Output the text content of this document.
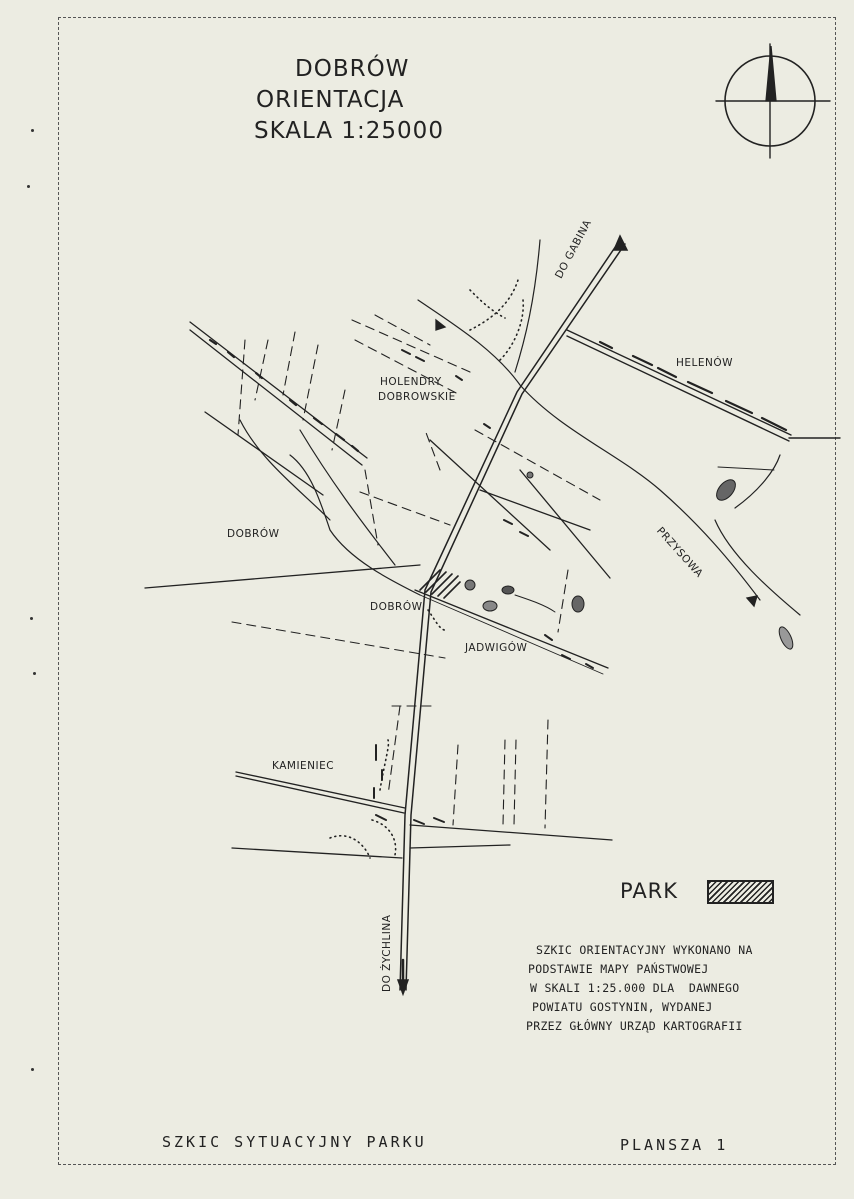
DOBRÓW
ORIENTACJA
SKALA 1:25000
DO GABINA
HELENÓW
HOLENDRY
DOBROWSKIE
DOBRÓW
DOBRÓW
JADWIGÓW
PRZYSOWA
KAMIENIEC
DO ŻYCHLINA
PARK
SZKIC ORIENTACYJNY WYKONANO NA
PODSTAWIE MAPY PAŃSTWOWEJ
W SKALI 1:25.000 DLA  DAWNEGO
POWIATU GOSTYNIN, WYDANEJ
PRZEZ GŁÓWNY URZĄD KARTOGRAFII
SZKIC SYTUACYJNY PARKU	PLANSZA 1
